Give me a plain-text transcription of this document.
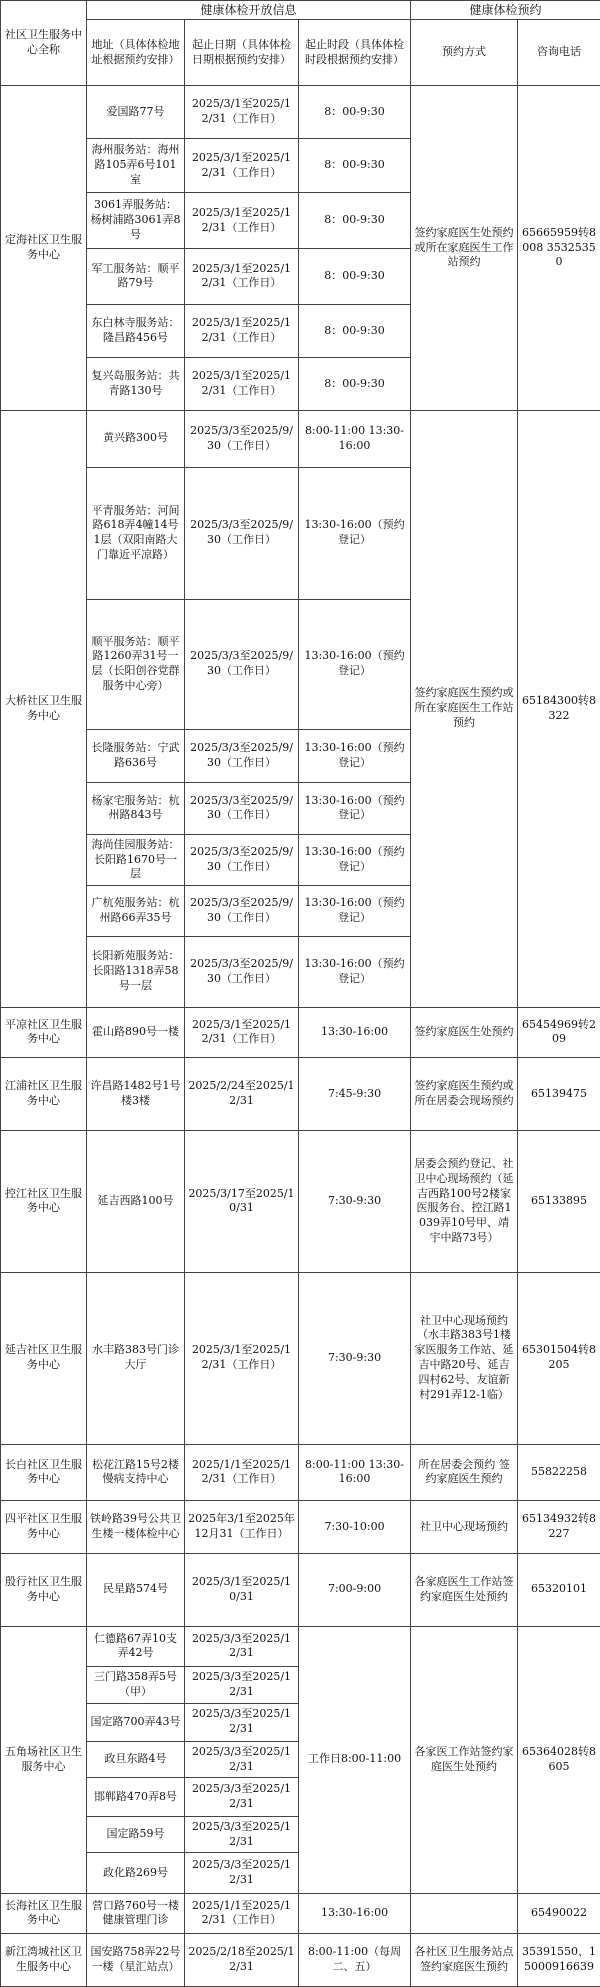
社区卫生服务中心全称	健康体检开放信息			健康体检预约	
	地址（具体体检地址根据预约安排）	起止日期（具体体检日期根据预约安排）	起止时段（具体体检时段根据预约安排）	预约方式	咨询电话
定海社区卫生服务中心	爱国路77号	2025/3/1至2025/12/31（工作日）	8：00-9:30	签约家庭医生处预约或所在家庭医生工作站预约	65665959转8008 35325350
	海州服务站：海州路105弄6号101室	2025/3/1至2025/12/31（工作日）	8：00-9:30		
	3061弄服务站：杨树浦路3061弄8号	2025/3/1至2025/12/31（工作日）	8：00-9:30		
	军工服务站：顺平路79号	2025/3/1至2025/12/31（工作日）	8：00-9:30		
	东白林寺服务站：隆昌路456号	2025/3/1至2025/12/31（工作日）	8：00-9:30		
	复兴岛服务站：共青路130号	2025/3/1至2025/12/31（工作日）	8：00-9:30		
大桥社区卫生服务中心	黄兴路300号	2025/3/3至2025/9/30（工作日）	8:00-11:00 13:30-16:00	签约家庭医生预约或所在家庭医生工作站预约	65184300转8322
	平青服务站：河间路618弄4幢14号1层（双阳南路大门靠近平凉路）	2025/3/3至2025/9/30（工作日）	13:30-16:00（预约登记）		
	顺平服务站：顺平路1260弄31号一层（长阳创谷党群服务中心旁）	2025/3/3至2025/9/30（工作日）	13:30-16:00（预约登记）		
	长隆服务站：宁武路636号	2025/3/3至2025/9/30（工作日）	13:30-16:00（预约登记）		
	杨家宅服务站：杭州路843号	2025/3/3至2025/9/30（工作日）	13:30-16:00（预约登记）		
	海尚佳园服务站：长阳路1670号一层	2025/3/3至2025/9/30（工作日）	13:30-16:00（预约登记）		
	广杭苑服务站：杭州路66弄35号	2025/3/3至2025/9/30（工作日）	13:30-16:00（预约登记）		
	长阳新苑服务站：长阳路1318弄58号一层	2025/3/3至2025/9/30（工作日）	13:30-16:00（预约登记）		
平凉社区卫生服务中心	霍山路890号一楼	2025/3/1至2025/12/31（工作日）	13:30-16:00	签约家庭医生处预约	65454969转209
江浦社区卫生服务中心	许昌路1482号1号楼3楼	2025/2/24至2025/12/31	7:45-9:30	签约家庭医生预约或所在居委会现场预约	65139475
控江社区卫生服务中心	延吉西路100号	2025/3/17至2025/10/31	7:30-9:30	居委会预约登记、社卫中心现场预约（延吉西路100号2楼家医服务台、控江路1039弄10号甲、靖宇中路73号）	65133895
延吉社区卫生服务中心	水丰路383号门诊大厅	2025/3/1至2025/12/31（工作日）	7:30-9:30	社卫中心现场预约（水丰路383号1楼家医服务工作站、延吉中路20号、延吉四村62号、友谊新村291弄12-1临）	65301504转8205
长白社区卫生服务中心	松花江路15号2楼慢病支持中心	2025/1/1至2025/12/31（工作日）	8:00-11:00 13:30-16:00	所在居委会预约 签约家庭医生预约	55822258
四平社区卫生服务中心	铁岭路39号公共卫生楼一楼体检中心	2025年3/1至2025年12月31（工作日）	7:30-10:00	社卫中心现场预约	65134932转8227
殷行社区卫生服务中心	民星路574号	2025/3/1至2025/10/31	7:00-9:00	各家庭医生工作站签约家庭医生处预约	65320101
五角场社区卫生服务中心	仁德路67弄10支弄42号	2025/3/3至2025/12/31	工作日8:00-11:00	各家医工作站签约家庭医生处预约	65364028转8605
	三门路358弄5号（甲）	2025/3/3至2025/12/31			
	国定路700弄43号	2025/3/3至2025/12/31			
	政旦东路4号	2025/3/3至2025/12/31			
	邯郸路470弄8号	2025/3/3至2025/12/31			
	国定路59号	2025/3/3至2025/12/31			
	政化路269号	2025/3/3至2025/12/31			
长海社区卫生服务中心	营口路760号一楼健康管理门诊	2025/1/1至2025/12/31（工作日）	13:30-16:00		65490022
新江湾城社区卫生服务中心	国安路758弄22号一楼（星汇站点）	2025/2/18至2025/12/31	8:00-11:00（每周二、五）	各社区卫生服务站点签约家庭医生预约	35391550、15000916639
